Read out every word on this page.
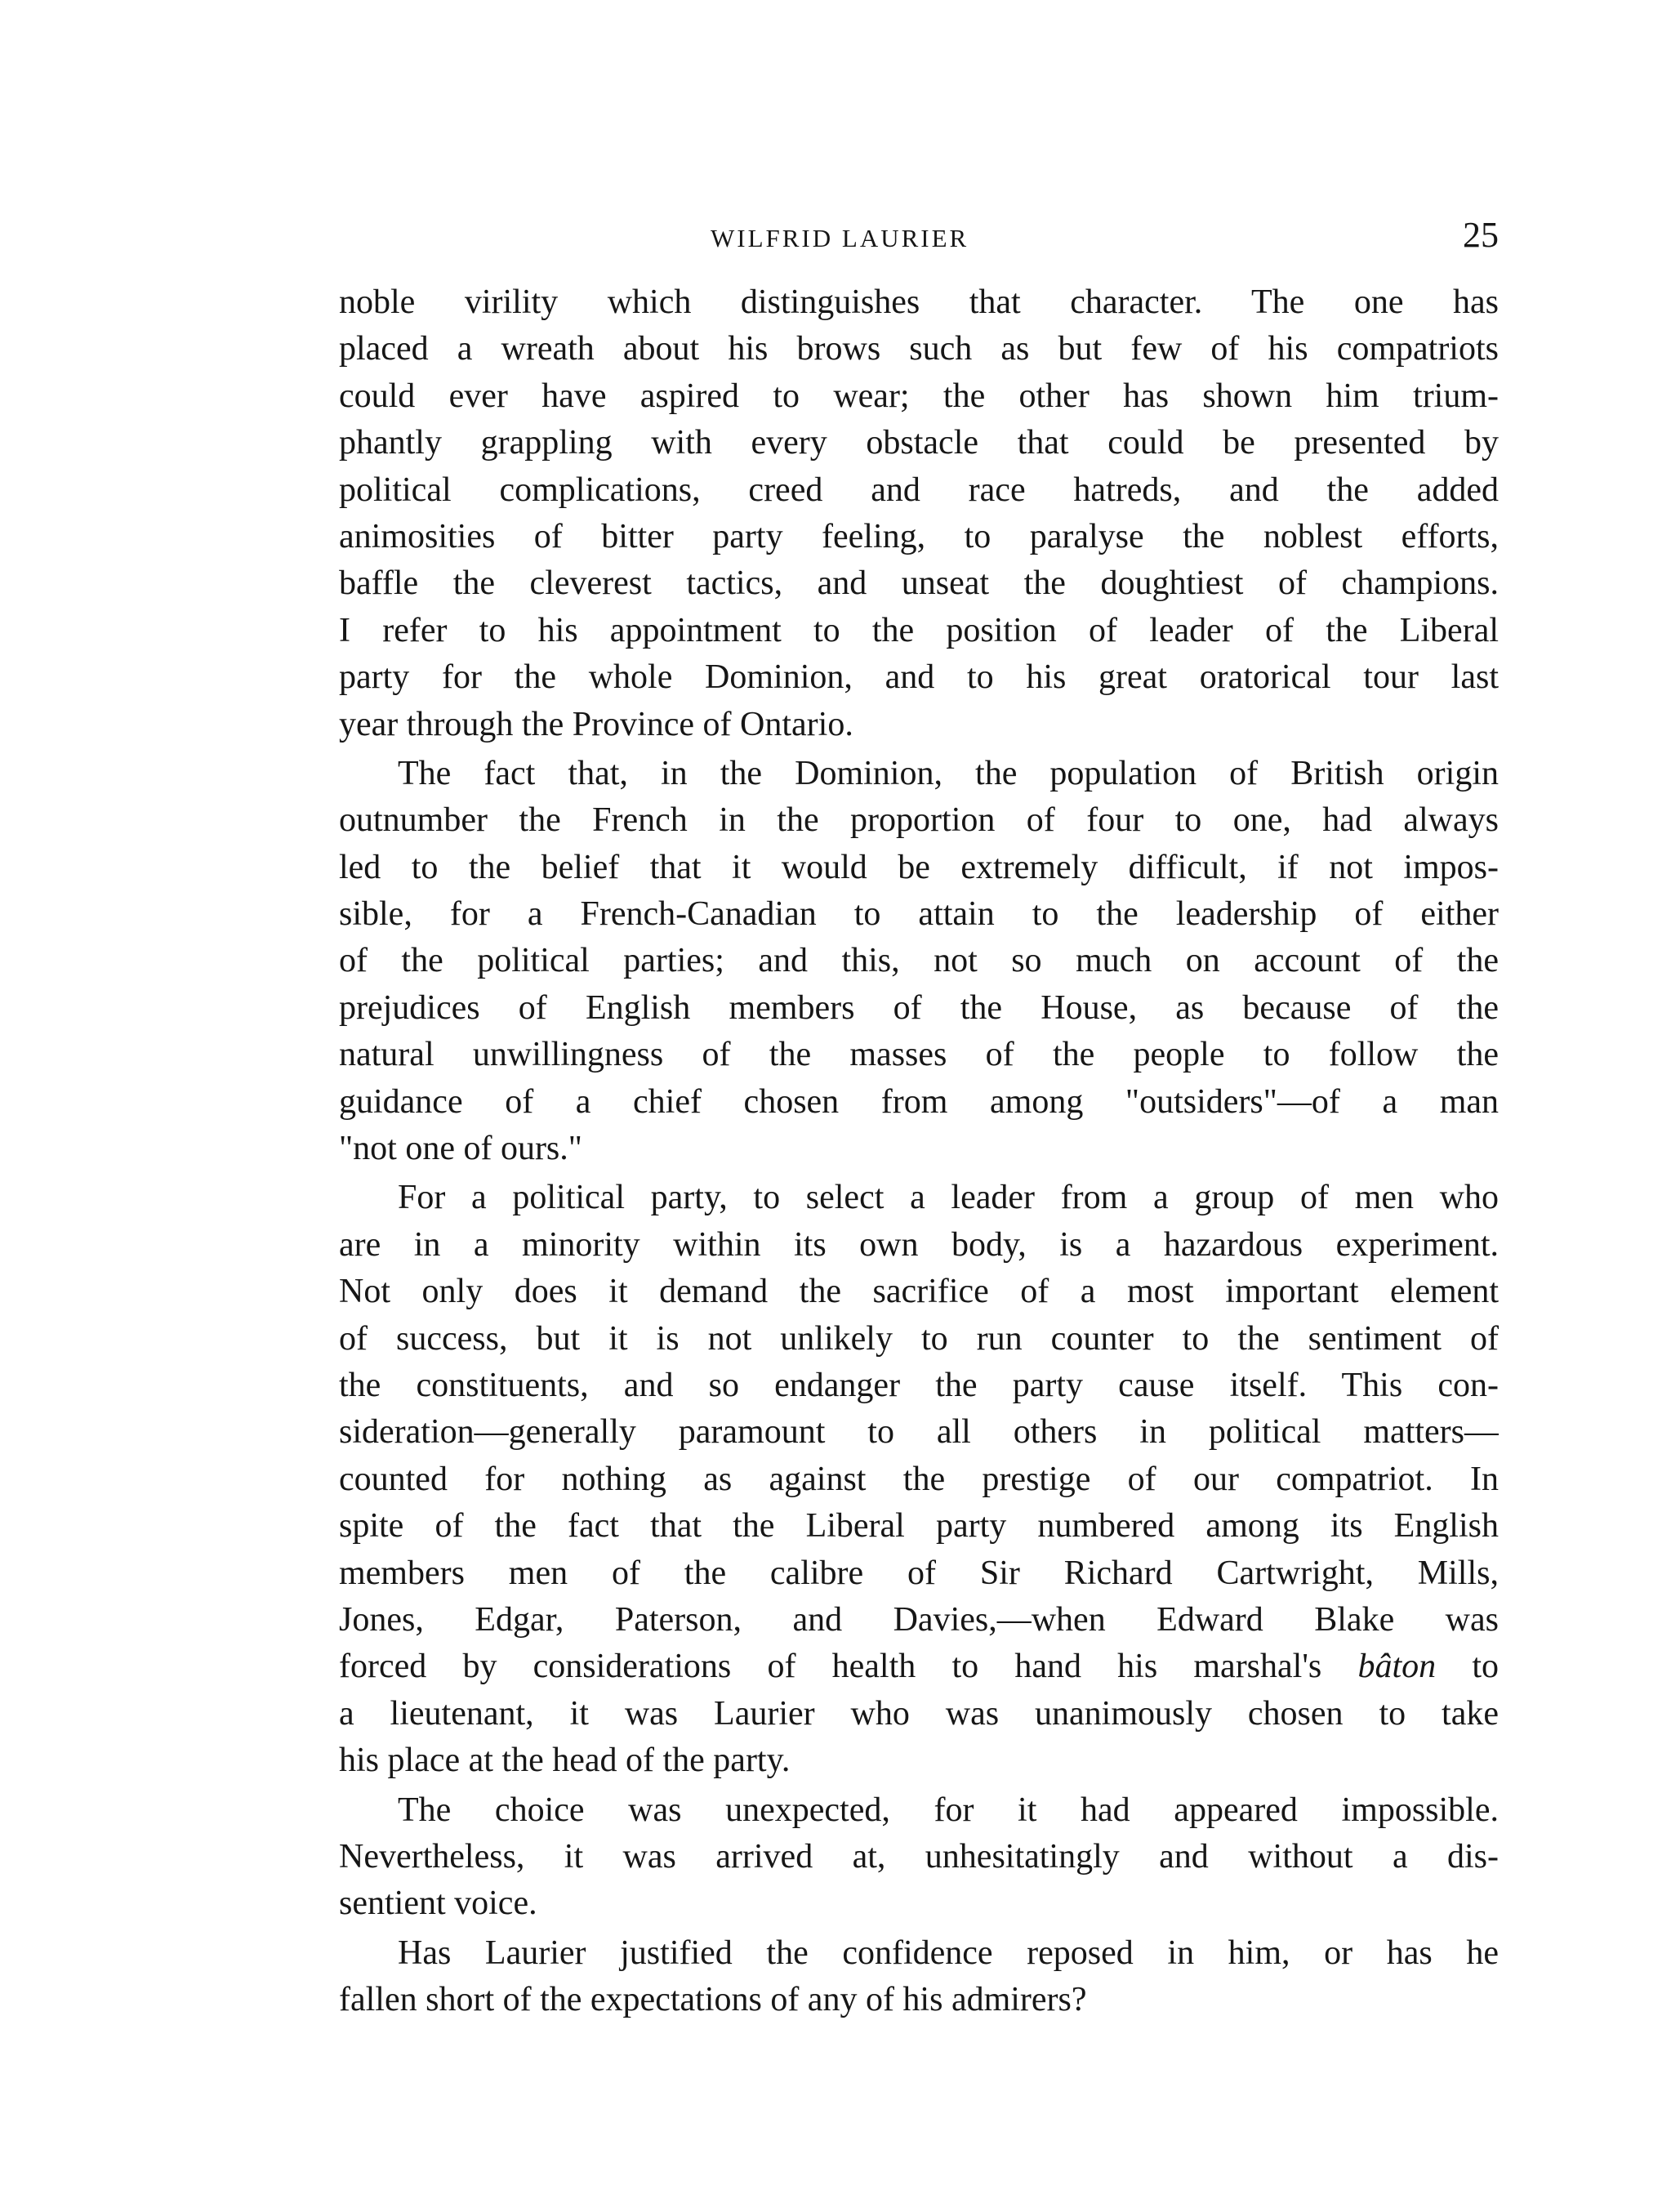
WILFRID LAURIER	25
noble virility which distinguishes that character. The one has
placed a wreath about his brows such as but few of his compatriots
could ever have aspired to wear; the other has shown him trium-
phantly grappling with every obstacle that could be presented by
political complications, creed and race hatreds, and the added
animosities of bitter party feeling, to paralyse the noblest efforts,
baffle the cleverest tactics, and unseat the doughtiest of champions.
I refer to his appointment to the position of leader of the Liberal
party for the whole Dominion, and to his great oratorical tour last
year through the Province of Ontario.
The fact that, in the Dominion, the population of British origin
outnumber the French in the proportion of four to one, had always
led to the belief that it would be extremely difficult, if not impos-
sible, for a French-Canadian to attain to the leadership of either
of the political parties; and this, not so much on account of the
prejudices of English members of the House, as because of the
natural unwillingness of the masses of the people to follow the
guidance of a chief chosen from among "outsiders"—of a man
"not one of ours."
For a political party, to select a leader from a group of men who
are in a minority within its own body, is a hazardous experiment.
Not only does it demand the sacrifice of a most important element
of success, but it is not unlikely to run counter to the sentiment of
the constituents, and so endanger the party cause itself. This con-
sideration—generally paramount to all others in political matters—
counted for nothing as against the prestige of our compatriot. In
spite of the fact that the Liberal party numbered among its English
members men of the calibre of Sir Richard Cartwright, Mills,
Jones, Edgar, Paterson, and Davies,—when Edward Blake was
forced by considerations of health to hand his marshal's bâton to
a lieutenant, it was Laurier who was unanimously chosen to take
his place at the head of the party.
The choice was unexpected, for it had appeared impossible.
Nevertheless, it was arrived at, unhesitatingly and without a dis-
sentient voice.
Has Laurier justified the confidence reposed in him, or has he
fallen short of the expectations of any of his admirers?
